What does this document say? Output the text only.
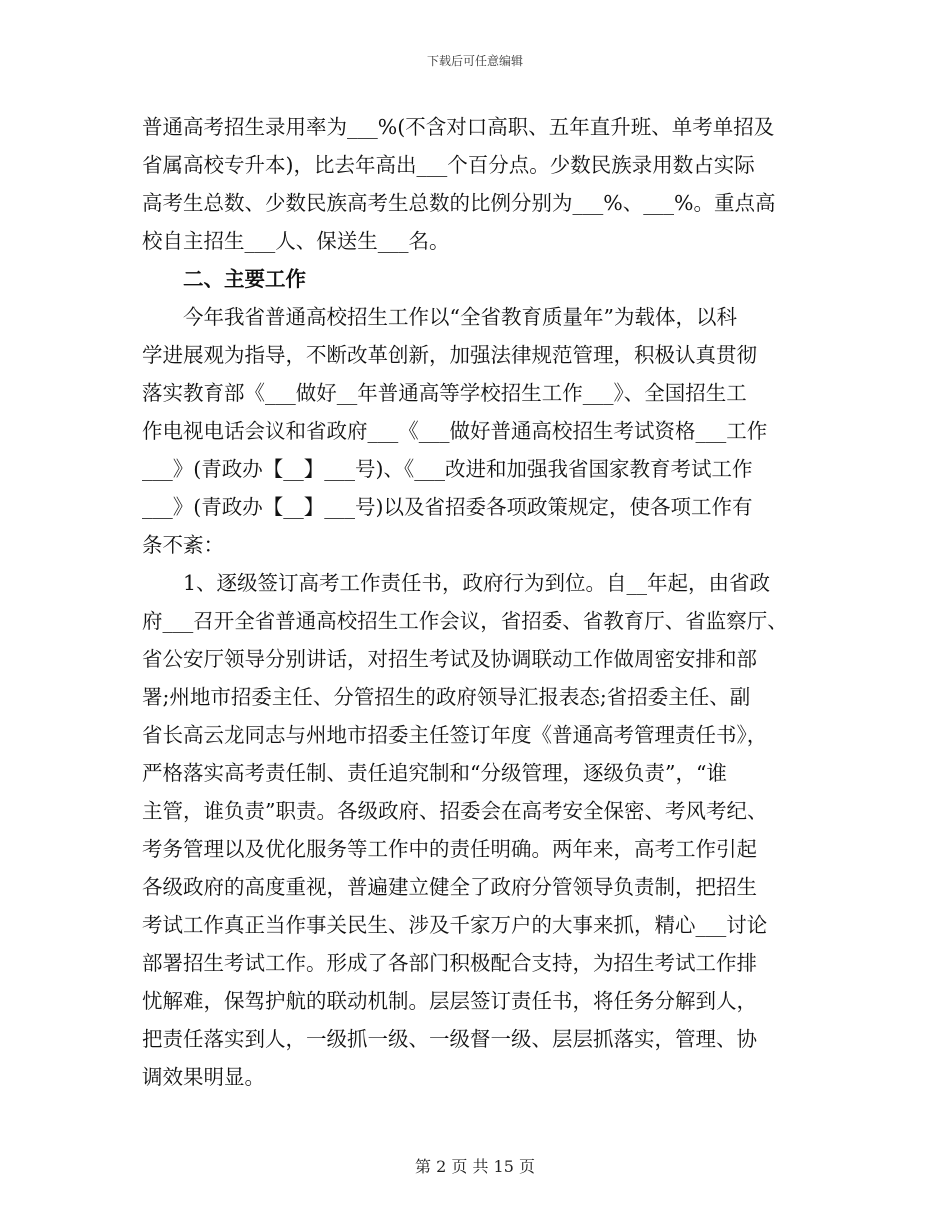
下载后可任意编辑
普通高考招生录用率为___%(不含对口高职、五年直升班、单考单招及
省属高校专升本)，比去年高出___个百分点。少数民族录用数占实际
高考生总数、少数民族高考生总数的比例分别为___%、___%。重点高
校自主招生___人、保送生___名。
二、主要工作
今年我省普通高校招生工作以“全省教育质量年”为载体，以科
学进展观为指导，不断改革创新，加强法律规范管理，积极认真贯彻
落实教育部《___做好__年普通高等学校招生工作___》、全国招生工
作电视电话会议和省政府___《___做好普通高校招生考试资格___工作
___》(青政办【__】___号)、《___改进和加强我省国家教育考试工作
___》(青政办【__】___号)以及省招委各项政策规定，使各项工作有
条不紊：
1、逐级签订高考工作责任书，政府行为到位。自__年起，由省政
府___召开全省普通高校招生工作会议，省招委、省教育厅、省监察厅、
省公安厅领导分别讲话，对招生考试及协调联动工作做周密安排和部
署;州地市招委主任、分管招生的政府领导汇报表态;省招委主任、副
省长高云龙同志与州地市招委主任签订年度《普通高考管理责任书》，
严格落实高考责任制、责任追究制和“分级管理，逐级负责”，“谁
主管，谁负责”职责。各级政府、招委会在高考安全保密、考风考纪、
考务管理以及优化服务等工作中的责任明确。两年来，高考工作引起
各级政府的高度重视，普遍建立健全了政府分管领导负责制，把招生
考试工作真正当作事关民生、涉及千家万户的大事来抓，精心___讨论
部署招生考试工作。形成了各部门积极配合支持，为招生考试工作排
忧解难，保驾护航的联动机制。层层签订责任书，将任务分解到人，
把责任落实到人，一级抓一级、一级督一级、层层抓落实，管理、协
调效果明显。
第 2 页 共 15 页
